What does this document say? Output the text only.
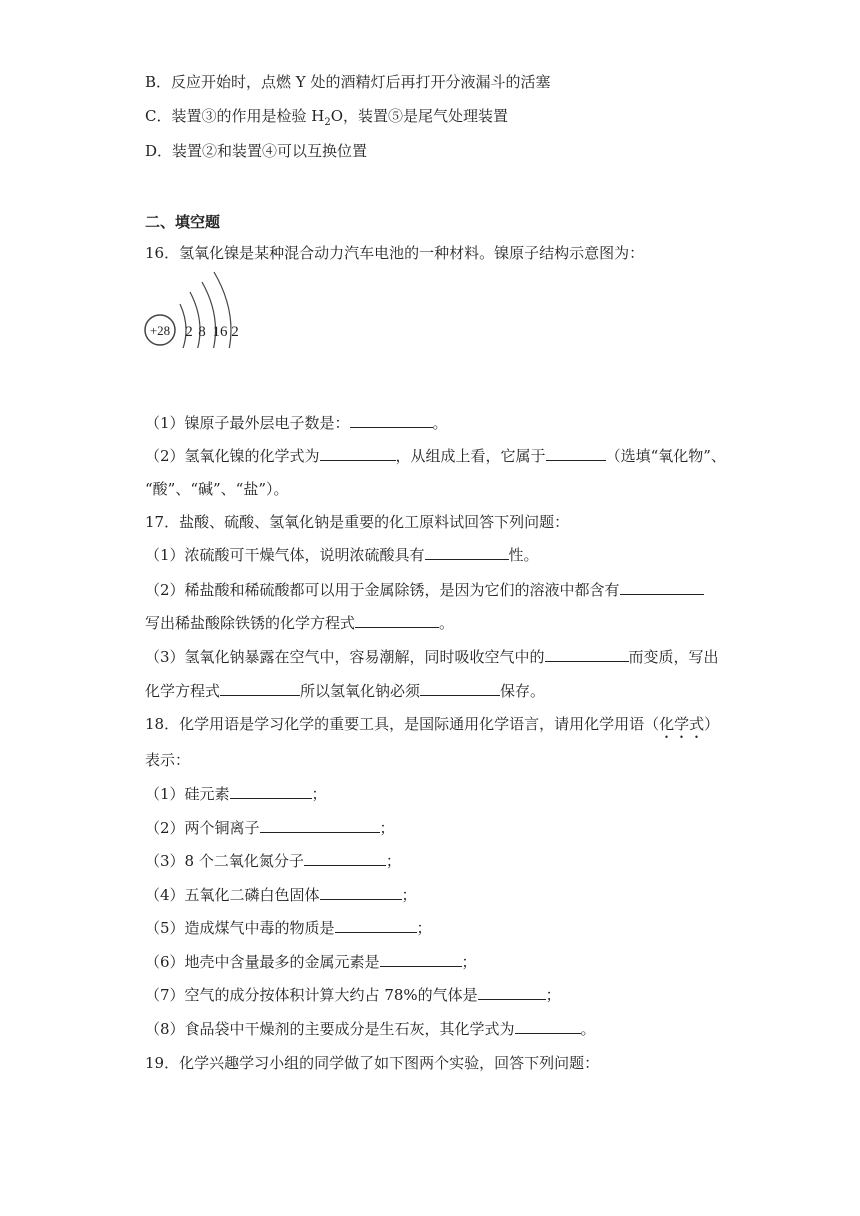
B．反应开始时，点燃 Y 处的酒精灯后再打开分液漏斗的活塞
C．装置③的作用是检验 $H_2O$，装置⑤是尾气处理装置
D．装置②和装置④可以互换位置
二、填空题
16．氢氧化镍是某种混合动力汽车电池的一种材料。镍原子结构示意图为：
+28 2 8 16 2
（1）镍原子最外层电子数是：	。
（2）氢氧化镍的化学式为	，从组成上看，它属于	（选填“氧化物”、
“酸”、“碱”、“盐”）。
17．盐酸、硫酸、氢氧化钠是重要的化工原料试回答下列问题：
（1）浓硫酸可干燥气体，说明浓硫酸具有	性。
（2）稀盐酸和稀硫酸都可以用于金属除锈，是因为它们的溶液中都含有
写出稀盐酸除铁锈的化学方程式	。
（3）氢氧化钠暴露在空气中，容易潮解，同时吸收空气中的	而变质，写出
化学方程式	所以氢氧化钠必须	保存。
18．化学用语是学习化学的重要工具，是国际通用化学语言，请用化学用语（化学式）
表示：
（1）硅元素	；
（2）两个铜离子	；
（3）8 个二氧化氮分子	；
（4）五氧化二磷白色固体	；
（5）造成煤气中毒的物质是	；
（6）地壳中含量最多的金属元素是	；
（7）空气的成分按体积计算大约占 78%的气体是	；
（8）食品袋中干燥剂的主要成分是生石灰，其化学式为	。
19．化学兴趣学习小组的同学做了如下图两个实验，回答下列问题：
